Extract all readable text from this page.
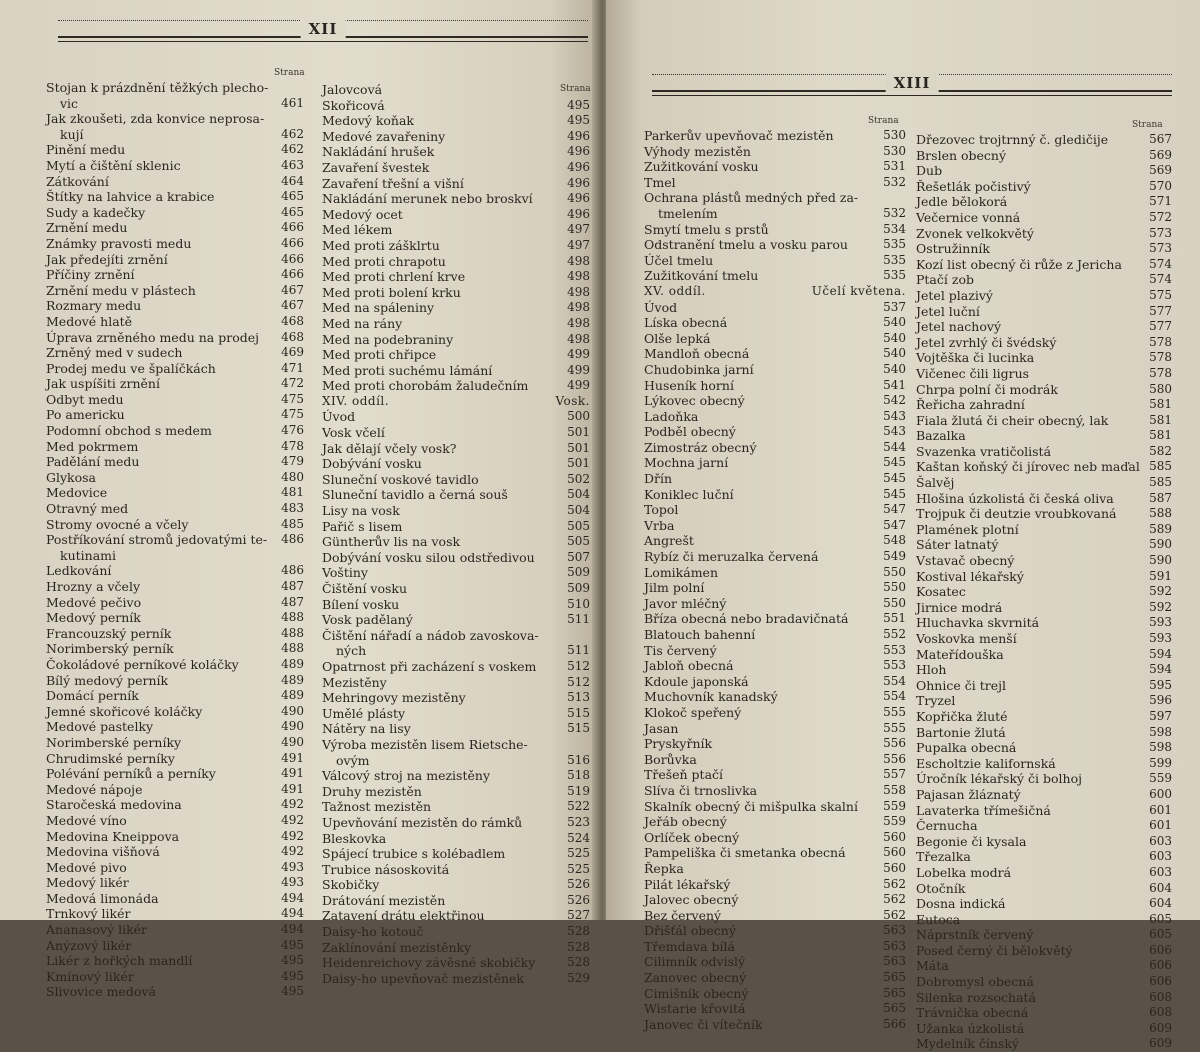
XII
Strana
Stojan k prázdnění těžkých plecho-
vic	461
Jak zkoušeti, zda konvice neprosa-
kují	462
Pinění medu	462
Mytí a čištění sklenic	463
Zátkování	464
Štítky na lahvice a krabice	465
Sudy a kadečky	465
Zrnění medu	466
Známky pravosti medu	466
Jak předejíti zrnění	466
Příčiny zrnění	466
Zrnění medu v plástech	467
Rozmary medu	467
Medové hlatě	468
Úprava zrněného medu na prodej 468
Zrněný med v sudech	469
Prodej medu ve špalíčkách	471
Jak uspíšiti zrnění	472
Odbyt medu	475
Po americku	475
Podomní obchod s medem	476
Med pokrmem	478
Padělání medu	479
Glykosa	480
Medovice	481
Otravný med	483
Stromy ovocné a včely	485
Postříkování stromů jedovatými te- 486
kutinami
Ledkování	486
Hrozny a včely	487
Medové pečivo	487
Medový perník	488
Francouzský perník	488
Norimberský perník	488
Čokoládové perníkové koláčky	489
Bílý medový perník	489
Domácí perník	489
Jemné skořicové koláčky	490
Medové pastelky	490
Norimberské perníky	490
Chrudimské perníky	491
Polévání perníků a perníky	491
Medové nápoje	491
Staročeská medovina	492
Medové víno	492
Medovina Kneippova	492
Medovina višňová	492
Medové pivo	493
Medový likér	493
Medová limonáda	494
Trnkový likér	494
Ananasový likér	494
Anýzový likér	495
Likér z hořkých mandlí	495
Kmínový likér	495
Slivovice medová	495
Strana
Jalovcová
Skořicová	495
Medový koňak	495
Medové zavařeniny	496
Nakládání hrušek	496
Zavaření švestek	496
Zavaření třešní a višní	496
Nakládání merunek nebo broskví	496
Medový ocet	496
Med lékem	497
Med proti zášklrtu	497
Med proti chrapotu	498
Med proti chrlení krve	498
Med proti bolení krku	498
Med na spáleniny	498
Med na rány	498
Med na podebraniny	498
Med proti chřipce	499
Med proti suchému lámání	499
Med proti chorobám žaludečním	499
XIV. oddíl.	Vosk.
Úvod	500
Vosk včelí	501
Jak dělají včely vosk?	501
Dobývání vosku	501
Sluneční voskové tavidlo	502
Sluneční tavidlo a černá souš	504
Lisy na vosk	504
Pařič s lisem	505
Güntherův lis na vosk	505
Dobývání vosku silou odstředivou	507
Voštiny	509
Čištění vosku	509
Bílení vosku	510
Vosk padělaný	511
Čištění nářadí a nádob zavoskova-
ných	511
Opatrnost při zacházení s voskem	512
Mezistěny	512
Mehringovy mezistěny	513
Umělé plásty	515
Nátěry na lisy	515
Výroba mezistěn lisem Rietsche-
ovým	516
Válcový stroj na mezistěny	518
Druhy mezistěn	519
Tažnost mezistěn	522
Upevňování mezistěn do rámků	523
Bleskovka	524
Spájecí trubice s kolébadlem	525
Trubice násoskovitá	525
Skobičky	526
Drátování mezistěn	526
Zatavení drátu elektřinou	527
Daisy-ho kotouč	528
Zaklínování mezistěnky	528
Heidenreichovy závěsné skobičky	528
Daisy-ho upevňovač mezistěnek	529
XIII
Strana
Parkerův upevňovač mezistěn	530
Výhody mezistěn	530
Zužitkování vosku	531
Tmel	532
Ochrana plástů medných před za-
tmelením	532
Smytí tmelu s prstů	534
Odstranění tmelu a vosku parou	535
Účel tmelu	535
Zužitkování tmelu	535
XV. oddíl.	Učelí květenа.
Úvod	537
Líska obecná	540
Olše lepká	540
Mandloň obecná	540
Chudobinka jarní	540
Huseník horní	541
Lýkovec obecný	542
Ladoňka	543
Podběl obecný	543
Zimostráz obecný	544
Mochna jarní	545
Dřín	545
Koniklec luční	545
Topol	547
Vrba	547
Angrešt	548
Rybíz či meruzalka červená	549
Lomikámen	550
Jilm polní	550
Javor mléčný	550
Bříza obecná nebo bradavičnatá	551
Blatouch bahenní	552
Tis červený	553
Jabloň obecná	553
Kdoule japonská	554
Muchovník kanadský	554
Klokoč speřený	555
Jasan	555
Pryskyřník	556
Borůvka	556
Třešeň ptačí	557
Slíva či trnoslivka	558
Skalník obecný či mišpulka skalní 559
Jeřáb obecný	559
Orlíček obecný	560
Pampeliška či smetanka obecná	560
Řepka	560
Pilát lékařský	562
Jalovec obecný	562
Bez červený	562
Dřišťál obecný	563
Třemdava bílá	563
Cilimník odvislý	563
Zanovec obecný	565
Cimišník obecný	565
Wistarie křovitá	565
Janovec či vítečník	566
Strana
Dřezovec trojtrnný č. gledičije	567
Brslen obecný	569
Dub	569
Řešetlák počistivý	570
Jedle bělokorá	571
Večernice vonná	572
Zvonek velkokvětý	573
Ostružinník	573
Kozí list obecný či růže z Jericha 574
Ptačí zob	574
Jetel plazivý	575
Jetel luční	577
Jetel nachový	577
Jetel zvrhlý či švédský	578
Vojtěška či lucinka	578
Vičenec čili ligrus	578
Chrpa polní či modrák	580
Řeřicha zahradní	581
Fiala žlutá či cheir obecný, lak	581
Bazalka	581
Svazenka vratičolistá	582
Kaštan koňský či jírovec neb maďal 585
Šalvěj	585
Hlošina úzkolistá či česká oliva	587
Trojpuk či deutzie vroubkovaná	588
Plamének plotní	589
Sáter latnatý	590
Vstavač obecný	590
Kostival lékařský	591
Kosatec	592
Jirnice modrá	592
Hluchavka skvrnitá	593
Voskovka menší	593
Mateřídouška	594
Hloh	594
Ohnice či trejl	595
Tryzel	596
Kopřička žluté	597
Bartonie žlutá	598
Pupalka obecná	598
Escholtzie kalifornská	599
Úročník lékařský či bolhoj	559
Pajasan žláznatý	600
Lavaterka třímešičná	601
Černucha	601
Begonie či kysala	603
Třezalka	603
Lobelka modrá	603
Otočník	604
Dosna indická	604
Eutoca	605
Náprstník červený	605
Posed černý či bělokvětý	606
Máta	606
Dobromysl obecná	606
Silenka rozsochatá	608
Trávnička obecná	608
Užanka úzkolistá	609
Mydelník čínský	609
